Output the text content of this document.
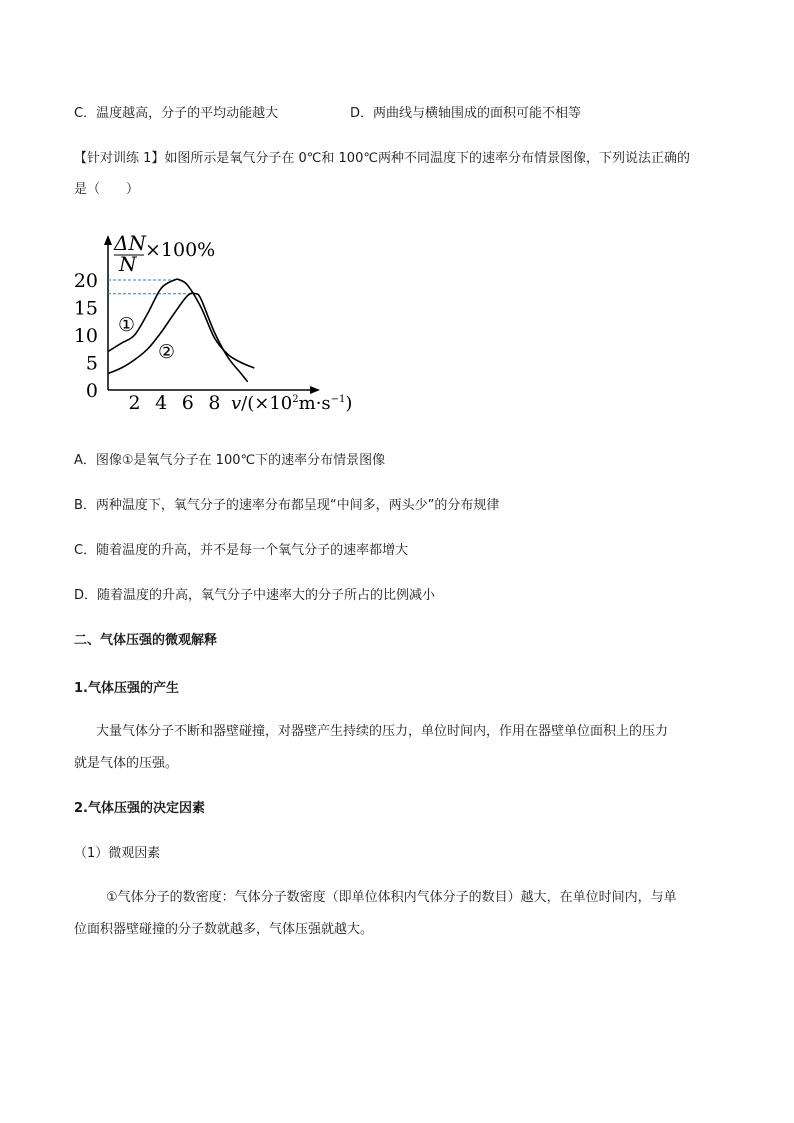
C．温度越高，分子的平均动能越大	D．两曲线与横轴围成的面积可能不相等
【针对训练 1】如图所示是氧气分子在 0℃和 100℃两种不同温度下的速率分布情景图像，下列说法正确的
是（　　）
ΔN
N
×100%
0
5
10
15
20
2 4 6 8
①
②
$v/(\times 10^2m\cdot s^{-1})$
A．图像①是氧气分子在 100℃下的速率分布情景图像
B．两种温度下，氧气分子的速率分布都呈现“中间多，两头少”的分布规律
C．随着温度的升高，并不是每一个氧气分子的速率都增大
D．随着温度的升高，氧气分子中速率大的分子所占的比例减小
二、气体压强的微观解释
1.气体压强的产生
大量气体分子不断和器壁碰撞，对器壁产生持续的压力，单位时间内，作用在器壁单位面积上的压力
就是气体的压强。
2.气体压强的决定因素
（1）微观因素
①气体分子的数密度：气体分子数密度（即单位体积内气体分子的数目）越大，在单位时间内，与单
位面积器壁碰撞的分子数就越多，气体压强就越大。
